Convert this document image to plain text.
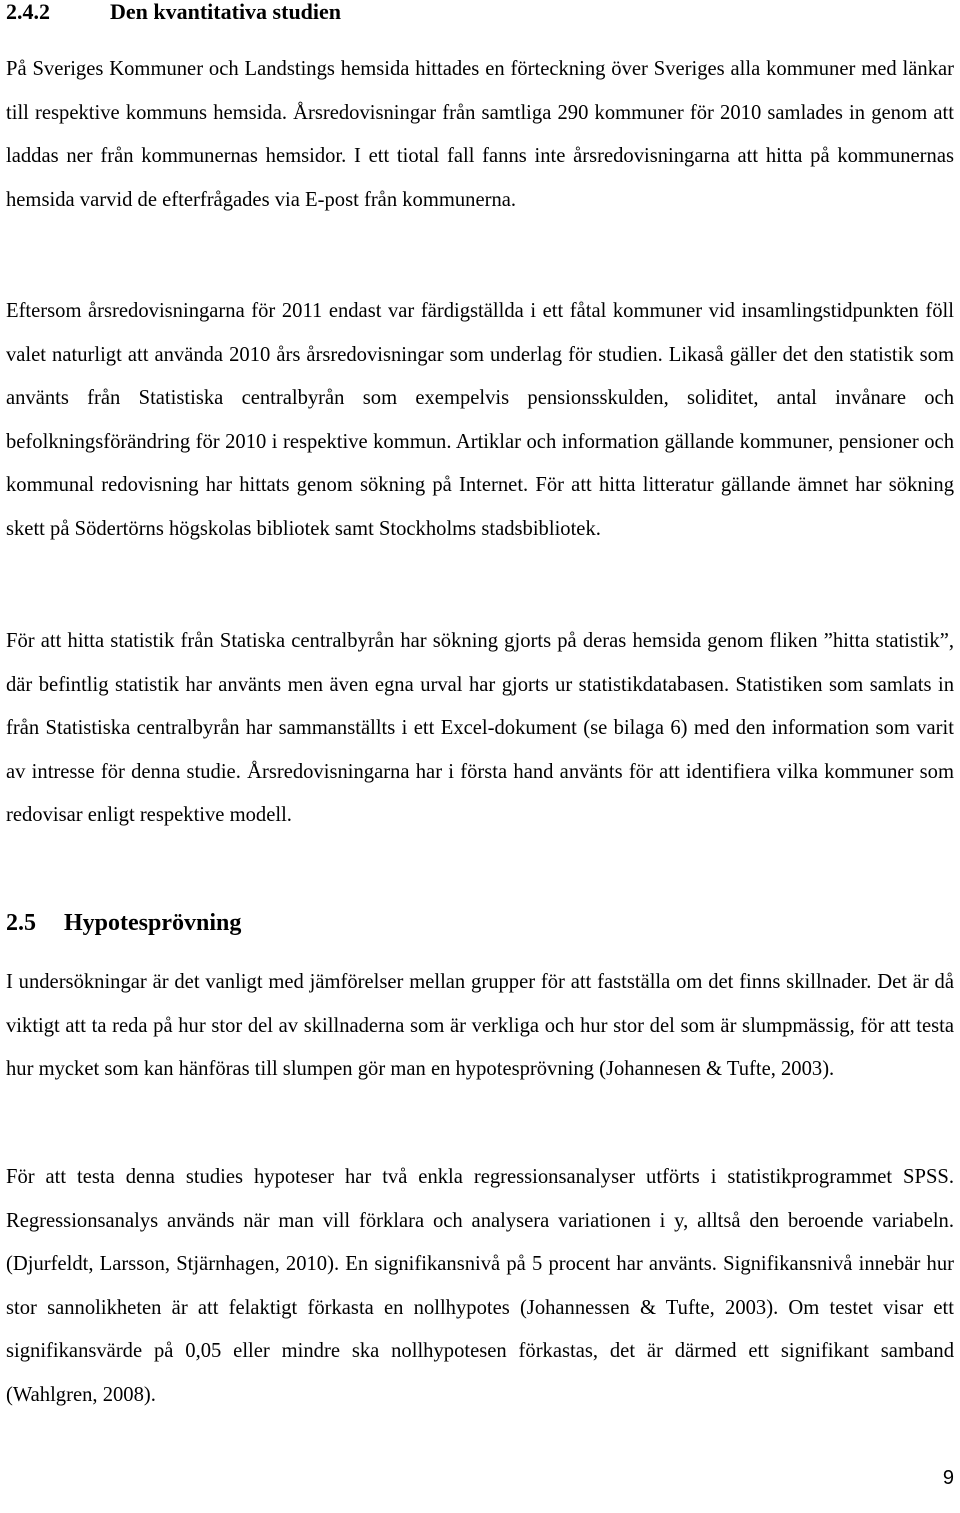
2.4.2	Den kvantitativa studien

På Sveriges Kommuner och Landstings hemsida hittades en förteckning över Sveriges alla kommuner med länkar till respektive kommuns hemsida. Årsredovisningar från samtliga 290 kommuner för 2010 samlades in genom att laddas ner från kommunernas hemsidor. I ett tiotal fall fanns inte årsredovisningarna att hitta på kommunernas hemsida varvid de efterfrågades via E-post från kommunerna.

Eftersom årsredovisningarna för 2011 endast var färdigställda i ett fåtal kommuner vid insamlingstidpunkten föll valet naturligt att använda 2010 års årsredovisningar som underlag för studien. Likaså gäller det den statistik som använts från Statistiska centralbyrån som exempelvis pensionsskulden, soliditet, antal invånare och befolkningsförändring för 2010 i respektive kommun. Artiklar och information gällande kommuner, pensioner och kommunal redovisning har hittats genom sökning på Internet. För att hitta litteratur gällande ämnet har sökning skett på Södertörns högskolas bibliotek samt Stockholms stadsbibliotek.

För att hitta statistik från Statiska centralbyrån har sökning gjorts på deras hemsida genom fliken ”hitta statistik”, där befintlig statistik har använts men även egna urval har gjorts ur statistikdatabasen. Statistiken som samlats in från Statistiska centralbyrån har sammanställts i ett Excel-dokument (se bilaga 6) med den information som varit av intresse för denna studie. Årsredovisningarna har i första hand använts för att identifiera vilka kommuner som redovisar enligt respektive modell.

2.5 Hypotesprövning

I undersökningar är det vanligt med jämförelser mellan grupper för att fastställa om det finns skillnader. Det är då viktigt att ta reda på hur stor del av skillnaderna som är verkliga och hur stor del som är slumpmässig, för att testa hur mycket som kan hänföras till slumpen gör man en hypotesprövning (Johannesen & Tufte, 2003).

För att testa denna studies hypoteser har två enkla regressionsanalyser utförts i statistikprogrammet SPSS. Regressionsanalys används när man vill förklara och analysera variationen i y, alltså den beroende variabeln. (Djurfeldt, Larsson, Stjärnhagen, 2010). En signifikansnivå på 5 procent har använts. Signifikansnivå innebär hur stor sannolikheten är att felaktigt förkasta en nollhypotes (Johannessen & Tufte, 2003). Om testet visar ett signifikansvärde på 0,05 eller mindre ska nollhypotesen förkastas, det är därmed ett signifikant samband (Wahlgren, 2008).

9
